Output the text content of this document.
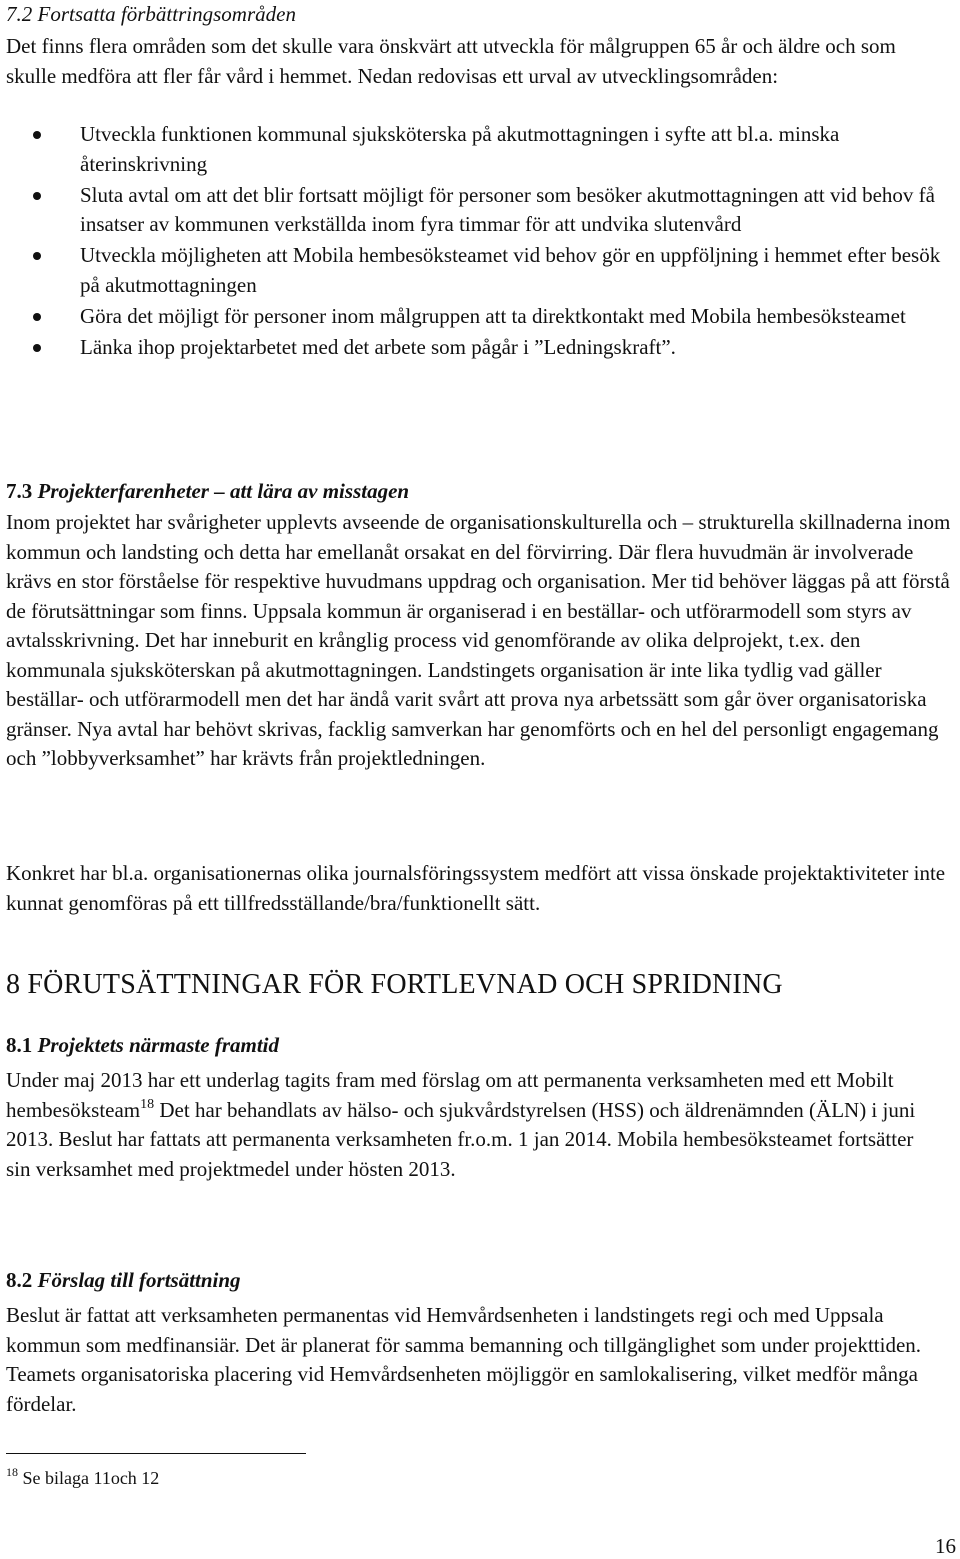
7.2 Fortsatta förbättringsområden

Det finns flera områden som det skulle vara önskvärt att utveckla för målgruppen 65 år och äldre och som skulle medföra att fler får vård i hemmet. Nedan redovisas ett urval av utvecklingsområden:

Utveckla funktionen kommunal sjuksköterska på akutmottagningen i syfte att bl.a. minska återinskrivning
Sluta avtal om att det blir fortsatt möjligt för personer som besöker akutmottagningen att vid behov få insatser av kommunen verkställda inom fyra timmar för att undvika slutenvård
Utveckla möjligheten att Mobila hembesöksteamet vid behov gör en uppföljning i hemmet efter besök på akutmottagningen
Göra det möjligt för personer inom målgruppen att ta direktkontakt med Mobila hembesöksteamet
Länka ihop projektarbetet med det arbete som pågår i ”Ledningskraft”.
7.3 Projekterfarenheter – att lära av misstagen

Inom projektet har svårigheter upplevts avseende de organisationskulturella och – strukturella skillnaderna inom kommun och landsting och detta har emellanåt orsakat en del förvirring. Där flera huvudmän är involverade krävs en stor förståelse för respektive huvudmans uppdrag och organisation. Mer tid behöver läggas på att förstå de förutsättningar som finns. Uppsala kommun är organiserad i en beställar- och utförarmodell som styrs av avtalsskrivning. Det har inneburit en krånglig process vid genomförande av olika delprojekt, t.ex. den kommunala sjuksköterskan på akutmottagningen. Landstingets organisation är inte lika tydlig vad gäller beställar- och utförarmodell men det har ändå varit svårt att prova nya arbetssätt som går över organisatoriska gränser. Nya avtal har behövt skrivas, facklig samverkan har genomförts och en hel del personligt engagemang och ”lobbyverksamhet” har krävts från projektledningen.

Konkret har bl.a. organisationernas olika journalsföringssystem medfört att vissa önskade projektaktiviteter inte kunnat genomföras på ett tillfredsställande/bra/funktionellt sätt.

8 FÖRUTSÄTTNINGAR FÖR FORTLEVNAD OCH SPRIDNING
8.1 Projektets närmaste framtid

Under maj 2013 har ett underlag tagits fram med förslag om att permanenta verksamheten med ett Mobilt hembesöksteam$^{18}$ Det har behandlats av hälso- och sjukvårdstyrelsen (HSS) och äldrenämnden (ÄLN) i juni 2013. Beslut har fattats att permanenta verksamheten fr.o.m. 1 jan 2014. Mobila hembesöksteamet fortsätter sin verksamhet med projektmedel under hösten 2013.

8.2 Förslag till fortsättning

Beslut är fattat att verksamheten permanentas vid Hemvårdsenheten i landstingets regi och med Uppsala kommun som medfinansiär. Det är planerat för samma bemanning och tillgänglighet som under projekttiden. Teamets organisatoriska placering vid Hemvårdsenheten möjliggör en samlokalisering, vilket medför många fördelar.

$^{18}$ Se bilaga 11och 12
16
